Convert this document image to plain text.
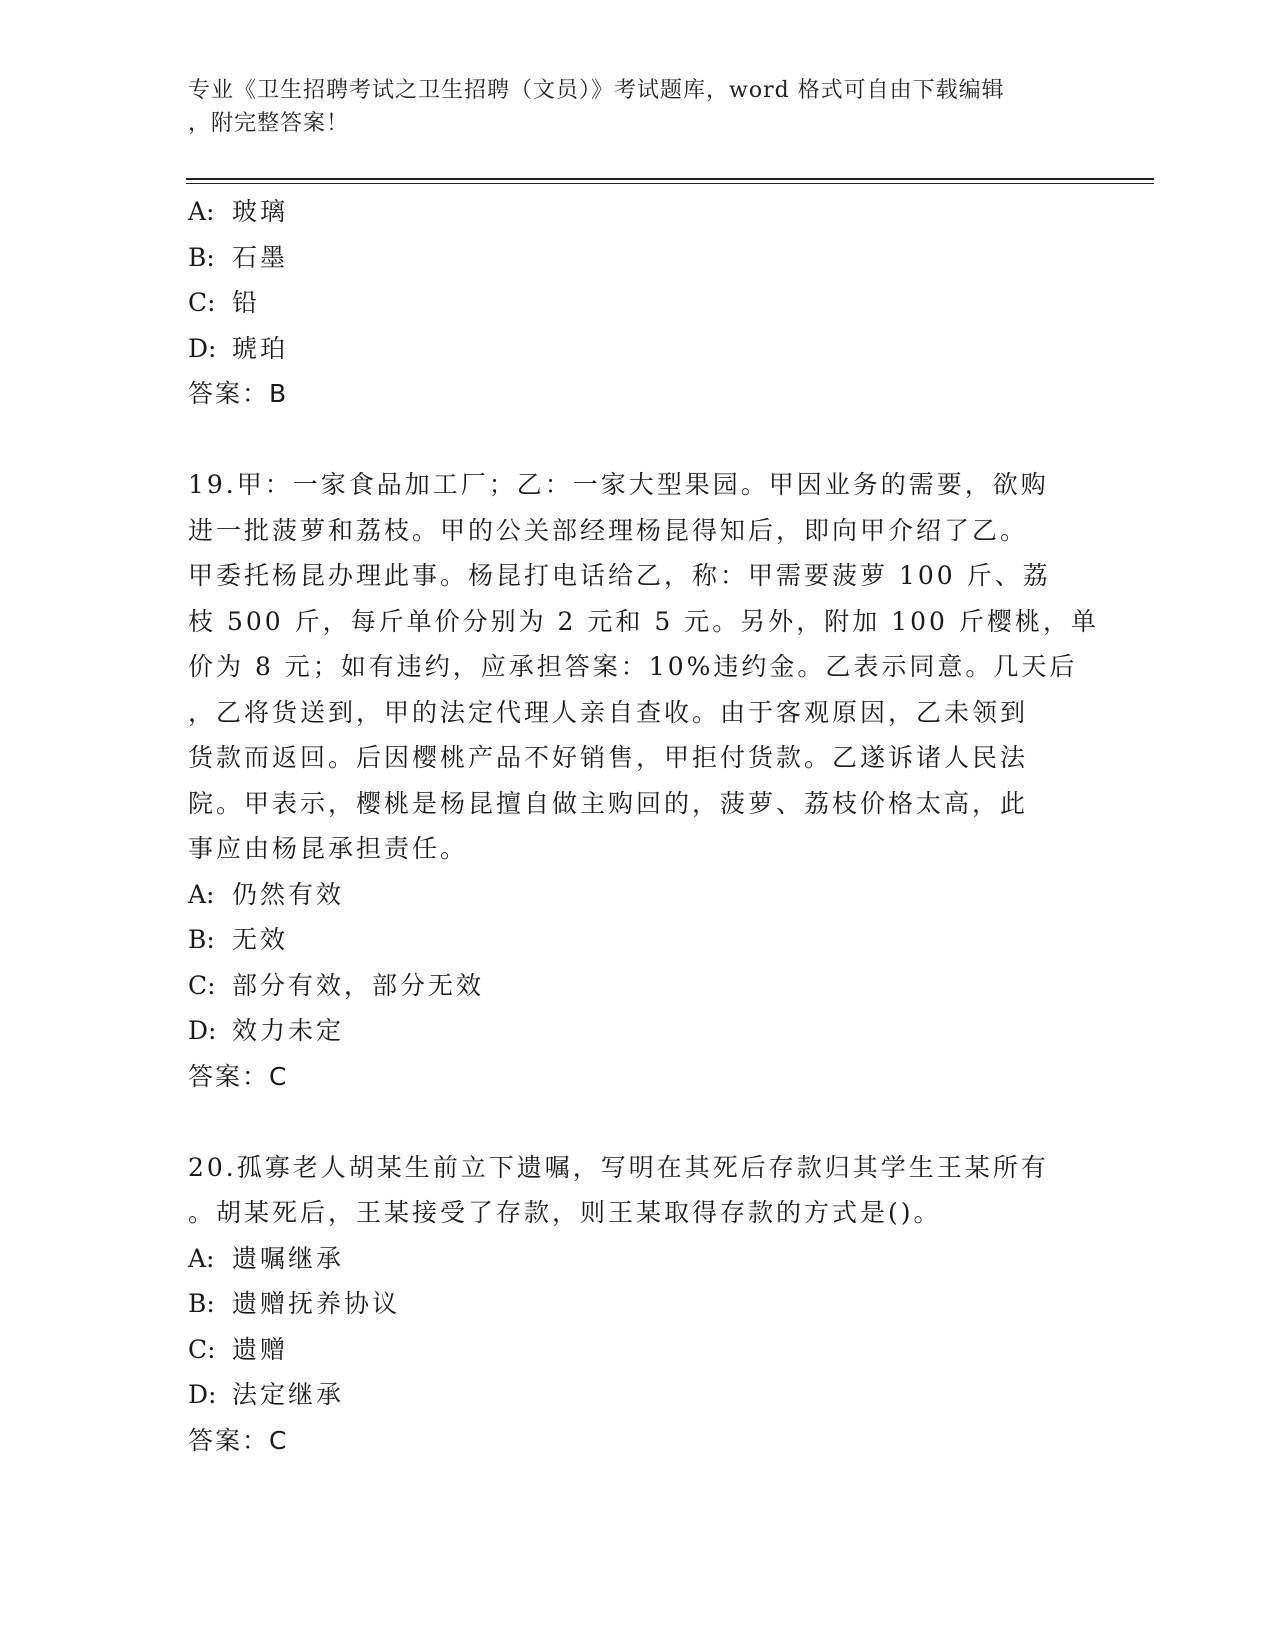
专业《卫生招聘考试之卫生招聘（文员）》考试题库，word 格式可自由下载编辑
，附完整答案！
A: 玻璃
B: 石墨
C: 铅
D: 琥珀
答案：B
19.甲：一家食品加工厂；乙：一家大型果园。甲因业务的需要，欲购
进一批菠萝和荔枝。甲的公关部经理杨昆得知后，即向甲介绍了乙。
甲委托杨昆办理此事。杨昆打电话给乙，称：甲需要菠萝 100 斤、荔
枝 500 斤，每斤单价分别为 2 元和 5 元。另外，附加 100 斤樱桃，单
价为 8 元；如有违约，应承担答案：10%违约金。乙表示同意。几天后
，乙将货送到，甲的法定代理人亲自查收。由于客观原因，乙未领到
货款而返回。后因樱桃产品不好销售，甲拒付货款。乙遂诉诸人民法
院。甲表示，樱桃是杨昆擅自做主购回的，菠萝、荔枝价格太高，此
事应由杨昆承担责任。
A: 仍然有效
B: 无效
C: 部分有效，部分无效
D: 效力未定
答案：C
20.孤寡老人胡某生前立下遗嘱，写明在其死后存款归其学生王某所有
。胡某死后，王某接受了存款，则王某取得存款的方式是()。
A: 遗嘱继承
B: 遗赠抚养协议
C: 遗赠
D: 法定继承
答案：C
